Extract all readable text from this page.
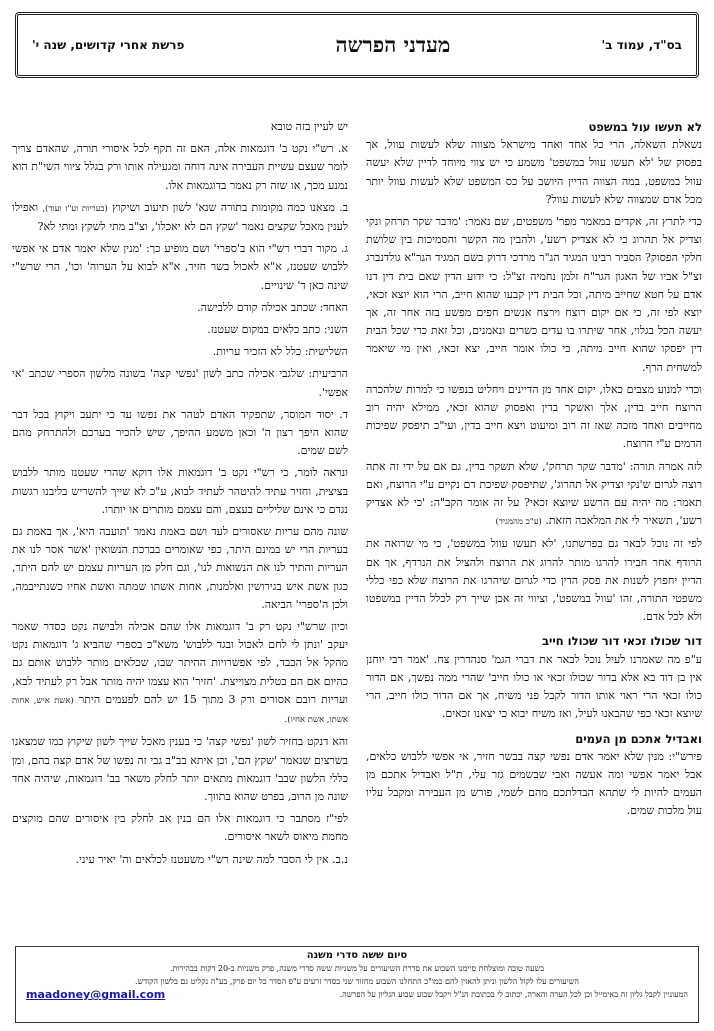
בס"ד, עמוד ב'
מעדני הפרשה
פרשת אחרי קדושים, שנה י'
לא תעשו עול במשפט

נשאלת השאלה, הרי כל אחד ואחד מישראל מצווה שלא לעשות עוול, אך בפסוק של 'לא תעשו עוול במשפט' משמע כי יש צווי מיוחד לדיין שלא יעשה עוול במשפט, במה הצווה הדיין היושב על כס המשפט שלא לעשות עוול יותר מכל אדם שמצווה שלא לעשות עוול?

כדי לתרץ זה, אקדים במאמר מפר' משפטים, שם נאמר: 'מדבר שקר תרחק ונקי וצדיק אל תהרוג כי לא אצדיק רשע', ולהבין מה הקשר והסמיכות בין שלושת חלקי הפסוק? הסביר רבינו המגיד הג"ר מרדכי דרוק בשם המגיד הגר"א גולדנברג זצ"ל אביו של האגון הגר"ח זלמן נחמיה זצ"ל: כי ידוע הדין שאם בית דין דנו אדם על חטא שחייב מיתה, וכל הבית דין קבעו שהוא חייב, הרי הוא יוצא זכאי, יוצא לפי זה, כי אם יקום רוצח וירצח אנשים חפים מפשע בזה אחר זה, אך יעשה הכל בגלוי, אחר שיתרו בו עדים כשרים ונאמנים, וכל זאת כדי שכל הבית דין יפסקו שהוא חייב מיתה, כי כולו אומר חייב, יצא זכאי, ואין מי שיאמר למשחית הרף.

וכדי למנוע מצבים כאלו, יקום אחד מן הדיינים ויחליט בנפשו כי למרות שלהכרה הרוצח חייב בדין, אלך ואשקר בדין ואפסוק שהוא זכאי, ממילא יהיה רוב מחייבים ואחד מזכה שאז זה רוב ומיעוט ויצא חייב בדין, ועי"כ תיפסק שפיכות הדמים ע"י הרוצח.

לזה אמרה תורה: 'מדבר שקר תרחק', שלא תשקר בדין, גם אם על ידי זה אתה רוצה לגרום ש'נקי וצדיק אל תהרוג', שתיפסק שפיכת דם נקיים ע"י הרוצח, ואם תאמר: מה יהיה עם הרשע שיוצא זכאי? על זה אומר הקב"ה: 'כי לא אצדיק רשע', תשאיר לי את המלאכה הזאת. (ע"כ מהמגיד)

לפי זה נוכל לבאר גם בפרשתנו, 'לא תעשו עוול במשפט', כי מי שרואה את הרודף אחר חבירו להרגו מותר להרוג את הרוצח ולהציל את הנרדף, אך אם הדיין יחפוץ לשנות את פסק הדין כדי לגרום שיהרגו את הרוצח שלא כפי כללי משפטי התורה, זהו 'עוול במשפט', וציווי זה אכן שייך רק לכלל הדיין במשפטו ולא לכל אדם.

דור שכולו זכאי דור שכולו חייב

ע"פ מה שאמרנו לעיל נוכל לבאר את דברי הגמ' סנהדרין צח. 'אמר רבי יוחנן אין בן דוד בא אלא בדור שכולו זכאי או כולו חייב' שהרי ממה נפשך, אם הדור כולו זכאי הרי ראוי אותו הדור לקבל פני משיח, אך אם הדור כולו חייב, הרי שיוצא זכאי כפי שהבאנו לעיל, ואז משיח יבוא כי יצאנו זכאים.

ואבדיל אתכם מן העמים

פירש"י: מנין שלא יאמר אדם נפשי קצה בבשר חזיר, אי אפשי ללבוש כלאים, אבל יאמר אפשי ומה אעשה ואבי שבשמים גזר עלי, ת"ל ואבדיל אתכם מן העמים להיות לי שתהא הבדלתכם מהם לשמי, פורש מן העבירה ומקבל עליו עול מלכות שמים.

יש לעיין בזה טובא

א. רש"י נקט ב' דוגמאות אלה, האם זה תקף לכל איסורי תורה, שהאדם צריך לומר שעצם עשיית העבירה אינה דוחה ומגעילה אותו ורק בגלל ציווי השי"ת הוא נמנע מכך, או שזה רק נאמר בדוגמאות אלו.

ב. מצאנו כמה מקומות בתורה שנא' לשון תיעוב ושיקוץ (בעריות וע"ז ועוד), ואפילו לענין מאכל שקצים נאמר 'שקץ הם לא יאכלו', וצ"ב מתי לשקץ ומתי לא?

ג. מקור דברי רש"י הוא ב'ספרי' ושם מופיע כך: 'מנין שלא יאמר אדם אי אפשי ללבוש שעטנז, א"א לאכול בשר חזיר, א"א לבוא על הערוה' וכו', הרי שרש"י שינה כאן ד' שינויים.

האחד: שכתב אכילה קודם ללבישה.

השני: כתב כלאים במקום שעטנז.

השלישית: כלל לא הזכיר עריות.

הרביעית: שלגבי אכילה כתב לשון 'נפשי קצה' בשונה מלשון הספרי שכתב 'אי אפשי'.

ד. יסוד המוסר, שתפקיד האדם לטהר את נפשו עד כי יתעב ויקוץ בכל דבר שהוא היפך רצון ה' וכאן משמע ההיפך, שיש להכיר בערכם ולהתרחק מהם לשם שמים.

ונראה לומר, כי רש"י נקט ב' דוגמאות אלו דוקא שהרי שעטנז מותר ללבוש בציצית, וחזיר עתיד להיטהר לעתיד לבוא, ע"כ לא שייך להשריש בליבנו רגשות נגדם כי אינם שליליים בעצם, והם עצמם מותרים או יותרו.

שונה מהם עריות שאסורים לעד ושם באמת נאמר 'תועבה היא', אך באמת גם בעריות הרי יש במינם היתר, כפי שאומרים בברכת הנשואין 'אשר אסר לנו את העריות והתיר לנו את הנשואות לנו', וגם חלק מן העריות עצמם יש להם היתר, כגון אשת איש בגירושין ואלמנות, אחות אשתו שמתה ואשת אחיו כשנתייבמה, ולכן ה'ספרי' הביאה.

וכיון שרש"י נקט רק ב' דוגמאות אלו שהם אכילה ולבישה נקט כסדר שאמר יעקב 'ונתן לי לחם לאכול ובגד ללבוש' משא"כ בספרי שהביא ג' דוגמאות נקט מהקל אל הכבד, לפי אפשרויות ההיתר שבו, שכלאים מותר ללבוש אותם גם כהיום אם הם בטלית מצוייצת. 'חזיר' הוא עצמו יהיה מותר אבל רק לעתיד לבא, ועריות רובם אסורים ורק 3 מתוך 15 יש להם לפעמים היתר (אשת איש, אחות אשתו, אשת אחיו).

והא דנקט בחזיר לשון 'נפשי קצה' כי בענין מאכל שייך לשון שיקוץ כמו שמצאנו בשרצים שנאמר 'שקץ הם', וכן איתא בב"ב גבי זה נפשו של אדם קצה בהם, ומן כללי הלשון שבב' דוגמאות מתאים יותר לחלק משאר בב' דוגמאות, שיהיה אחד שונה מן הרוב, בפרט שהוא בתווך.

לפי"ז מסתבר כי דוגמאות אלו הם בנין אב לחלק בין איסורים שהם מוקצים מחמת מיאוס לשאר איסורים.

נ.ב. אין לי הסבר למה שינה רש"י משעטנז לכלאים וה' יאיר עיני.

סיום ששה סדרי משנה
בשעה טובה ומוצלחת סיימנו השבוע את סדרת השיעורים על משניות ששה סדרי משנה, פרק משניות ב-20 דקות בבהירות.
השיעורים עלו לקול הלשון וניתן להאזין להם כמו"כ התחלנו השבוע מחזור שני בסדר זרעים ע"פ הסדר כל יום פרק, בע"ה נקליט גם בלשון הקודש.
המעוניין לקבל גליון זה באימייל וכן לכל הערה והארה, יכתוב לי בכתובת הנ"ל ויקבל שבוע שבוע הגליון על הפרשה.
maadoney@gmail.com
